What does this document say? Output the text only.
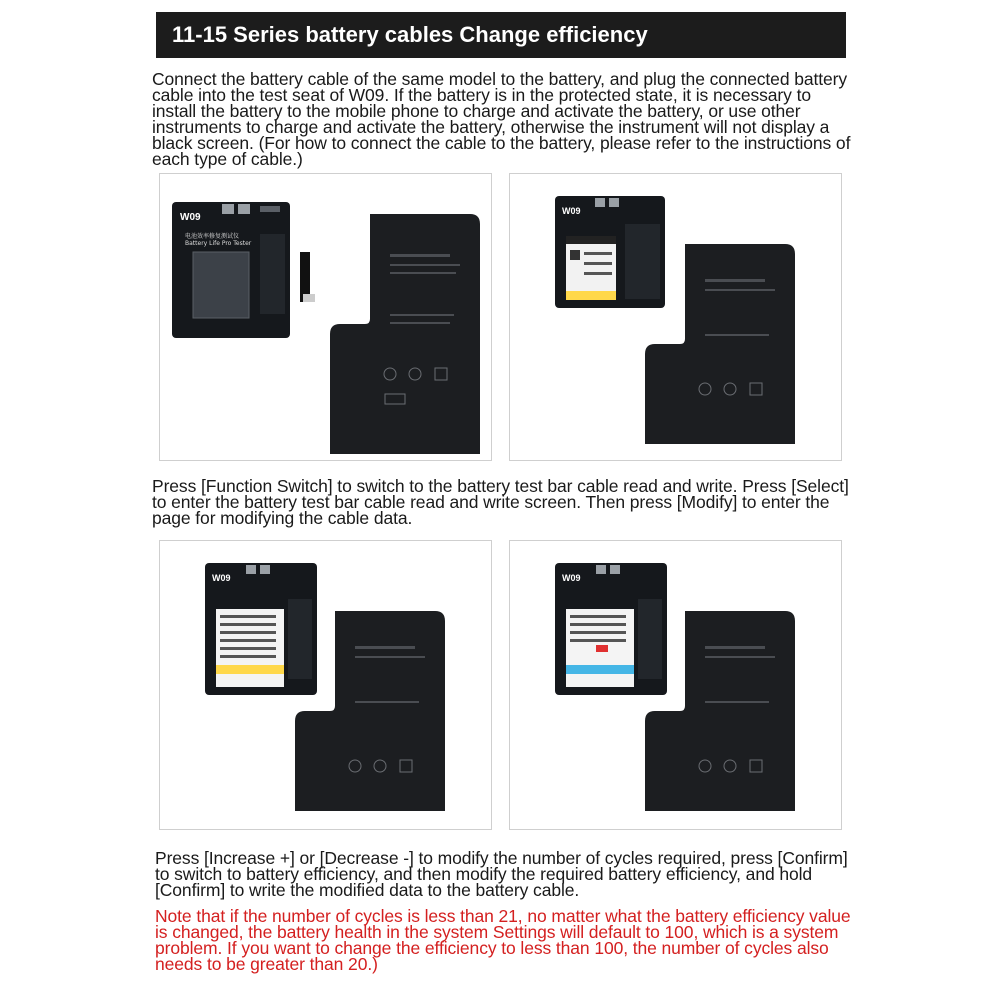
11-15 Series battery cables Change efficiency
Connect the battery cable of the same model to the battery, and plug the connected battery cable into the test seat of W09. If the battery is in the protected state, it is necessary to install the battery to the mobile phone to charge and activate the battery, or use other instruments to charge and activate the battery, otherwise the instrument will not display a black screen. (For how to connect the cable to the battery, please refer to the instructions of each type of cable.)
W09
电池效率修复测试仪
Battery Life Pro Tester
W09
Press [Function Switch] to switch to the battery test bar cable read and write. Press [Select] to enter the battery test bar cable read and write screen. Then press [Modify] to enter the page for modifying the cable data.
W09	W09
Press [Increase +] or [Decrease -] to modify the number of cycles required, press [Confirm] to switch to battery efficiency, and then modify the required battery efficiency, and hold [Confirm] to write the modified data to the battery cable.
Note that if the number of cycles is less than 21, no matter what the battery efficiency value is changed, the battery health in the system Settings will default to 100, which is a system problem. If you want to change the efficiency to less than 100, the number of cycles also needs to be greater than 20.)
